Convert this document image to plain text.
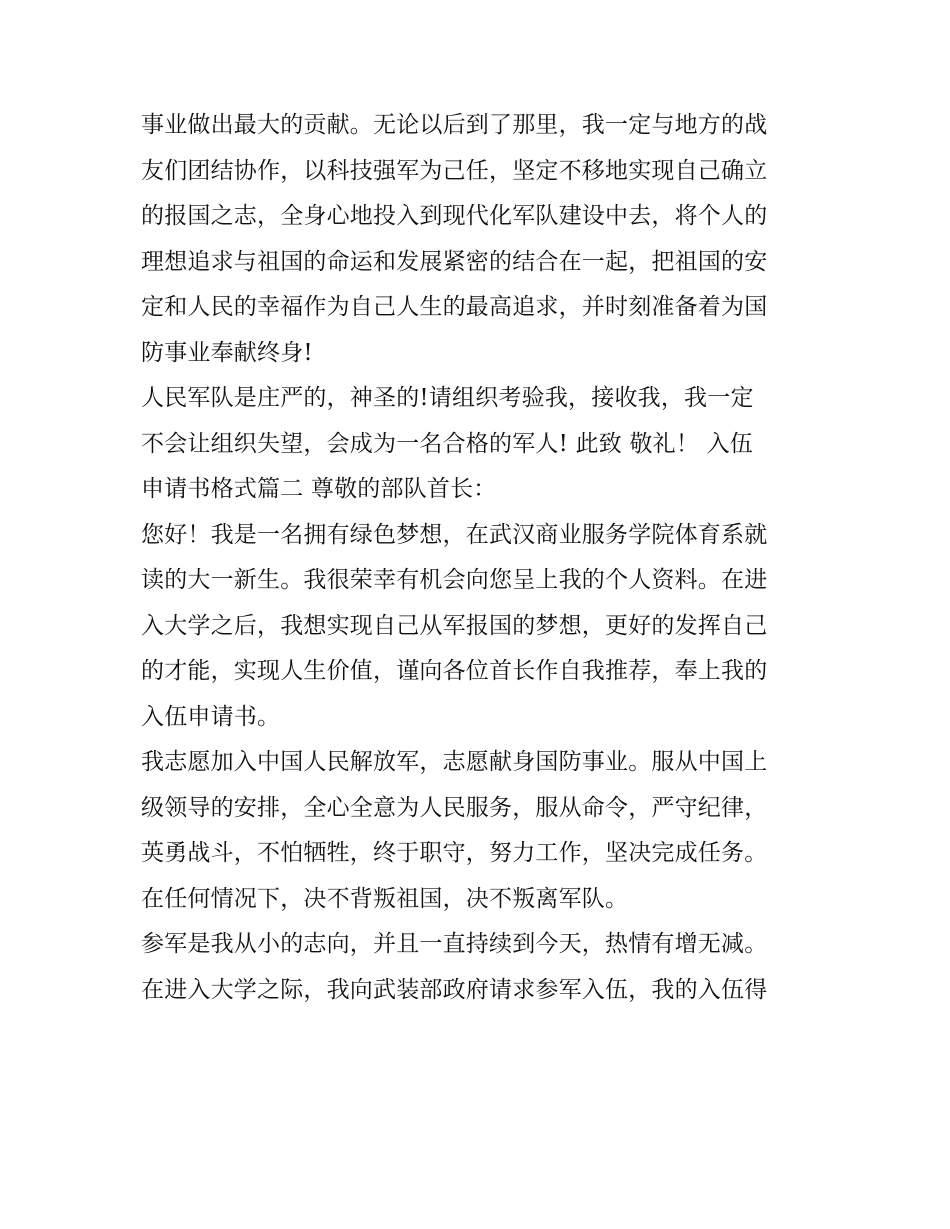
事业做出最大的贡献。无论以后到了那里，我一定与地方的战
友们团结协作，以科技强军为己任，坚定不移地实现自己确立
的报国之志，全身心地投入到现代化军队建设中去，将个人的
理想追求与祖国的命运和发展紧密的结合在一起，把祖国的安
定和人民的幸福作为自己人生的最高追求，并时刻准备着为国
防事业奉献终身!
人民军队是庄严的，神圣的!请组织考验我，接收我，我一定
不会让组织失望，会成为一名合格的军人! 此致 敬礼！ 入伍
申请书格式篇二 尊敬的部队首长：
您好！我是一名拥有绿色梦想，在武汉商业服务学院体育系就
读的大一新生。我很荣幸有机会向您呈上我的个人资料。在进
入大学之后，我想实现自己从军报国的梦想，更好的发挥自己
的才能，实现人生价值，谨向各位首长作自我推荐，奉上我的
入伍申请书。
我志愿加入中国人民解放军，志愿献身国防事业。服从中国上
级领导的安排，全心全意为人民服务，服从命令，严守纪律，
英勇战斗，不怕牺牲，终于职守，努力工作，坚决完成任务。
在任何情况下，决不背叛祖国，决不叛离军队。
参军是我从小的志向，并且一直持续到今天，热情有增无减。
在进入大学之际，我向武装部政府请求参军入伍，我的入伍得
